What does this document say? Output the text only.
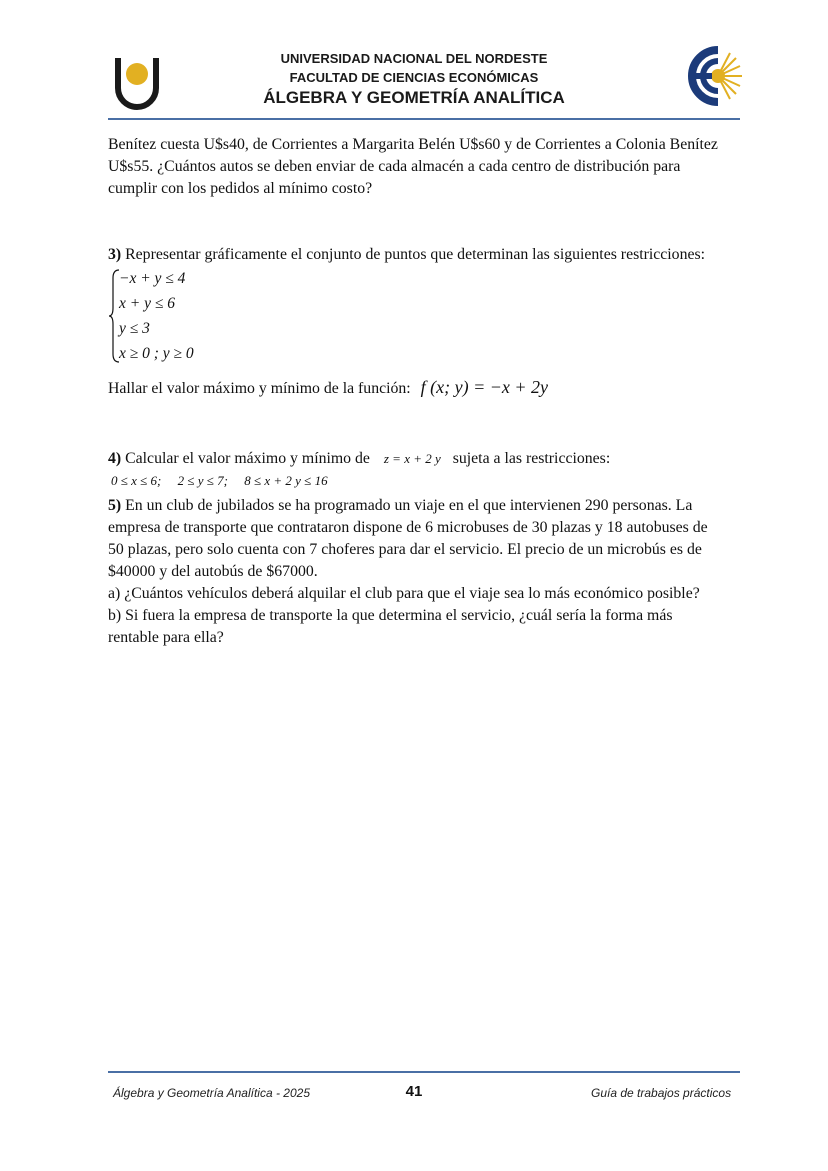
UNIVERSIDAD NACIONAL DEL NORDESTE
FACULTAD DE CIENCIAS ECONÓMICAS
ÁLGEBRA Y GEOMETRÍA ANALÍTICA
Benítez cuesta U$s40, de Corrientes a Margarita Belén U$s60 y de Corrientes a Colonia Benítez
U$s55. ¿Cuántos autos se deben enviar de cada almacén a cada centro de distribución para
cumplir con los pedidos al mínimo costo?
3) Representar gráficamente el conjunto de puntos que determinan las siguientes restricciones:
−x + y ≤ 4
x + y ≤ 6
y ≤ 3
x ≥ 0 ; y ≥ 0
Hallar el valor máximo y mínimo de la función: f (x; y) = −x + 2y
4) Calcular el valor máximo y mínimo de z = x + 2 y sujeta a las restricciones:
0 ≤ x ≤ 6;     2 ≤ y ≤ 7;     8 ≤ x + 2 y ≤ 16
5) En un club de jubilados se ha programado un viaje en el que intervienen 290 personas. La
empresa de transporte que contrataron dispone de 6 microbuses de 30 plazas y 18 autobuses de
50 plazas, pero solo cuenta con 7 choferes para dar el servicio. El precio de un microbús es de
$40000 y del autobús de $67000.
a) ¿Cuántos vehículos deberá alquilar el club para que el viaje sea lo más económico posible?
b) Si fuera la empresa de transporte la que determina el servicio, ¿cuál sería la forma más
rentable para ella?
Álgebra y Geometría Analítica - 2025	41	Guía de trabajos prácticos
